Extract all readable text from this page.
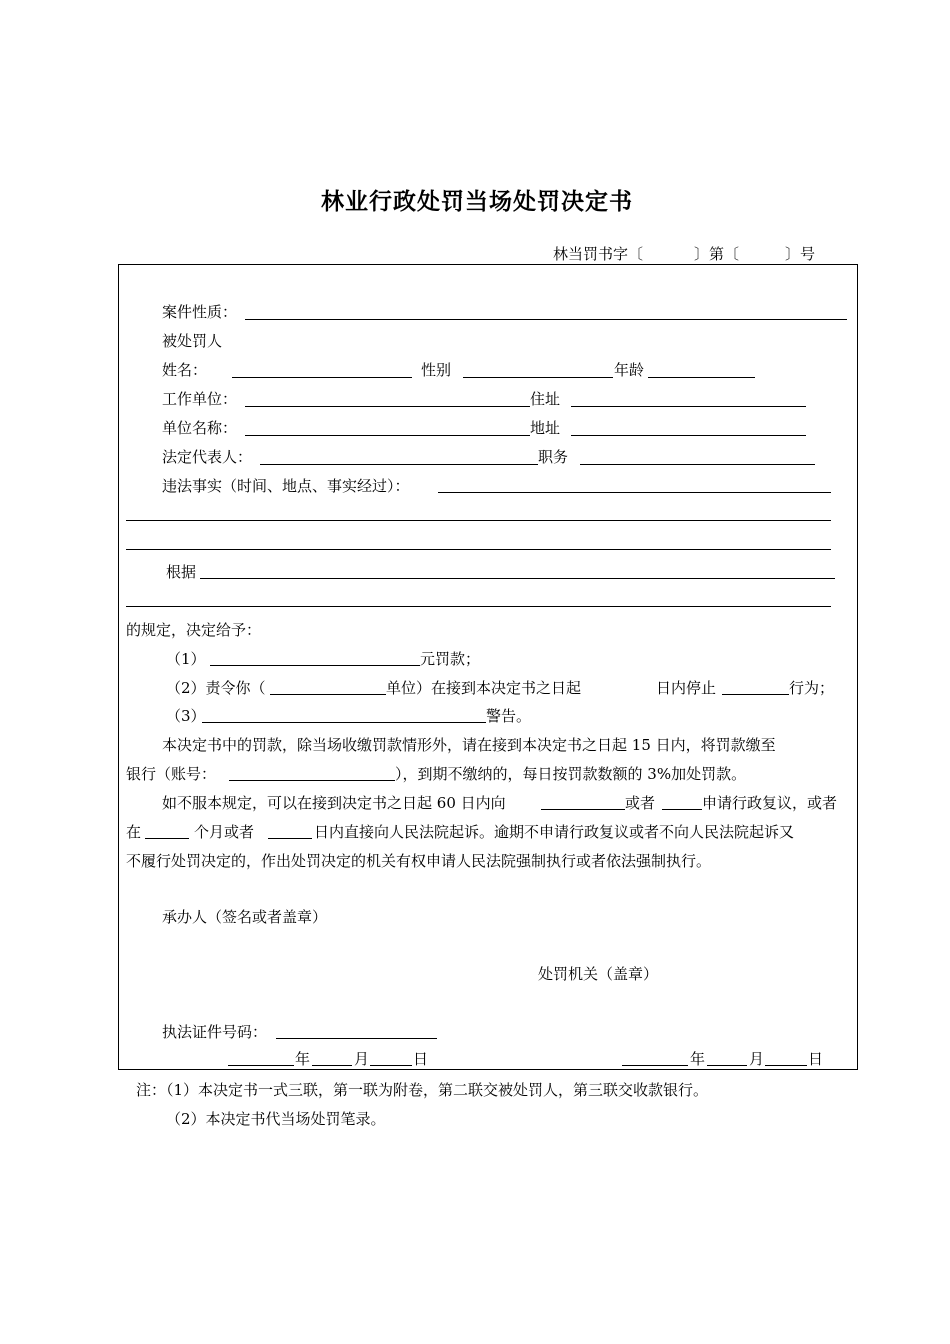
林业行政处罚当场处罚决定书
林当罚书字〔	〕第〔	〕号
案件性质：
被处罚人
姓名：	性别	年龄
工作单位：	住址
单位名称：	地址
法定代表人：	职务
违法事实（时间、地点、事实经过）：
根据
的规定，决定给予：
（1）	元罚款；
（2）责令你（	单位）在接到本决定书之日起	日内停止	行为；
（3）	警告。
本决定书中的罚款，除当场收缴罚款情形外，请在接到本决定书之日起 15 日内，将罚款缴至
银行（账号：	），到期不缴纳的，每日按罚款数额的 3%加处罚款。
如不服本规定，可以在接到决定书之日起 60 日内向	或者	申请行政复议，或者
在	个月或者	日内直接向人民法院起诉。逾期不申请行政复议或者不向人民法院起诉又
不履行处罚决定的，作出处罚决定的机关有权申请人民法院强制执行或者依法强制执行。
承办人（签名或者盖章）
处罚机关（盖章）
执法证件号码：
年	月	日	年	月	日
注：（1）本决定书一式三联，第一联为附卷，第二联交被处罚人，第三联交收款银行。
（2）本决定书代当场处罚笔录。
